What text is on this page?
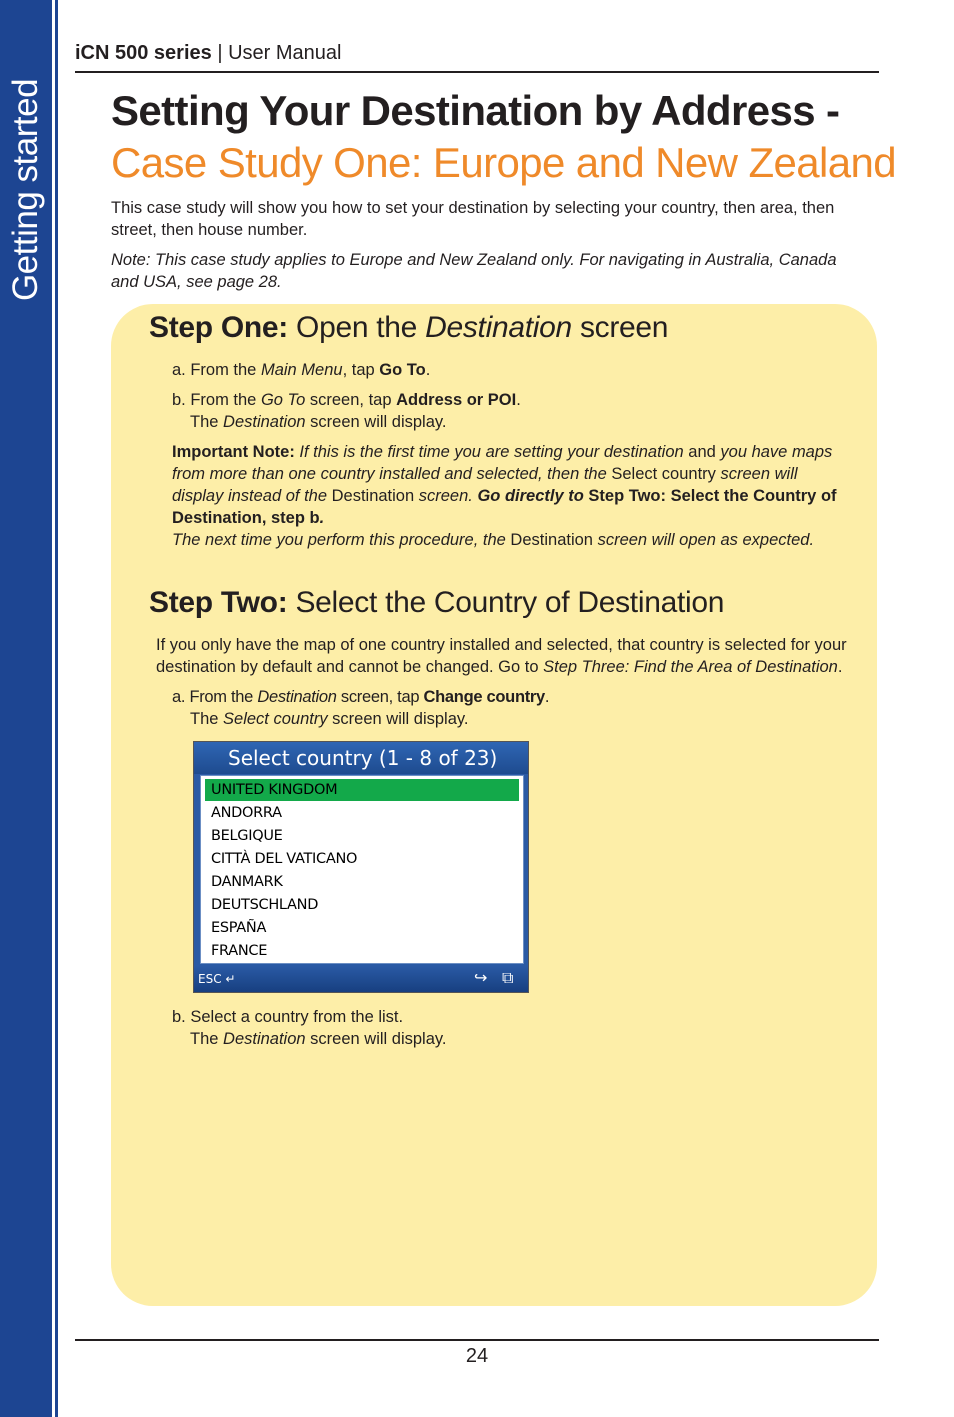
Getting started
iCN 500 series | User Manual
Setting Your Destination by Address -
Case Study One: Europe and New Zealand
This case study will show you how to set your destination by selecting your country, then area, then
street, then house number.
Note: This case study applies to Europe and New Zealand only. For navigating in Australia, Canada
and USA, see page 28.
Step One: Open the Destination screen
a. From the Main Menu, tap Go To.
b. From the Go To screen, tap Address or POI.
The Destination screen will display.
Important Note: If this is the first time you are setting your destination and you have maps
from more than one country installed and selected, then the Select country screen will
display instead of the Destination screen. Go directly to Step Two: Select the Country of
Destination, step b.
The next time you perform this procedure, the Destination screen will open as expected.
Step Two: Select the Country of Destination
If you only have the map of one country installed and selected, that country is selected for your
destination by default and cannot be changed. Go to Step Three: Find the Area of Destination.
a. From the Destination screen, tap Change country.
The Select country screen will display.
Select country (1 - 8 of 23)
UNITED KINGDOM
ANDORRA
BELGIQUE
CITTÀ DEL VATICANO
DANMARK
DEUTSCHLAND
ESPAÑA
FRANCE
ESC ↵	↪ ⧉
b. Select a country from the list.
The Destination screen will display.
24
